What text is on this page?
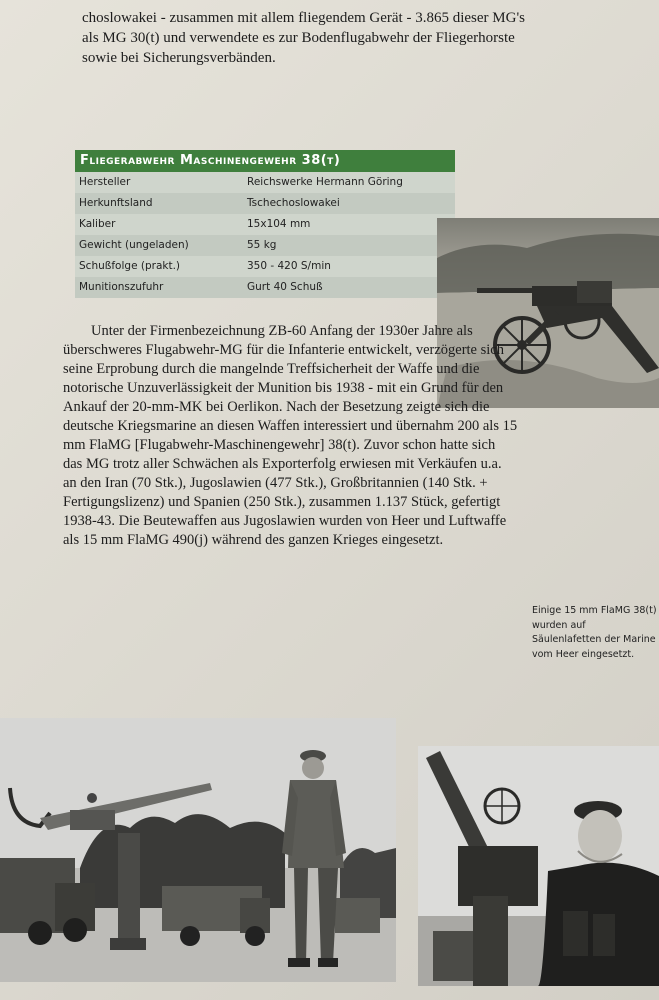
choslowakei - zusammen mit allem fliegendem Gerät - 3.865 dieser MG's als MG 30(t) und verwendete es zur Bodenflugabwehr der Fliegerhorste sowie bei Sicherungsverbänden.

Fliegerabwehr Maschinengewehr 38(t)
Hersteller	Reichswerke Hermann Göring
Herkunftsland	Tschechoslowakei
Kaliber	15x104 mm
Gewicht (ungeladen)	55 kg
Schußfolge (prakt.)	350 - 420 S/min
Munitionszufuhr	Gurt 40 Schuß

Unter der Firmenbezeichnung ZB-60 Anfang der 1930er Jahre als überschweres Flugabwehr-MG für die Infanterie entwickelt, verzögerte sich seine Erprobung durch die mangelnde Treffsicherheit der Waffe und die notorische Unzuverlässigkeit der Munition bis 1938 - mit ein Grund für den Ankauf der 20-mm-MK bei Oerlikon. Nach der Besetzung zeigte sich die deutsche Kriegsmarine an diesen Waffen interessiert und übernahm 200 als 15 mm FlaMG [Flugabwehr-Maschinengewehr] 38(t). Zuvor schon hatte sich das MG trotz aller Schwächen als Exporterfolg erwiesen mit Verkäufen u.a. an den Iran (70 Stk.), Jugoslawien (477 Stk.), Großbritannien (140 Stk. + Fertigungslizenz) und Spanien (250 Stk.), zusammen 1.137 Stück, gefertigt 1938-43. Die Beutewaffen aus Jugoslawien wurden von Heer und Luftwaffe als 15 mm FlaMG 490(j) während des ganzen Krieges eingesetzt.

Einige 15 mm FlaMG 38(t) wurden auf Säulenlafetten der Marine vom Heer eingesetzt.
